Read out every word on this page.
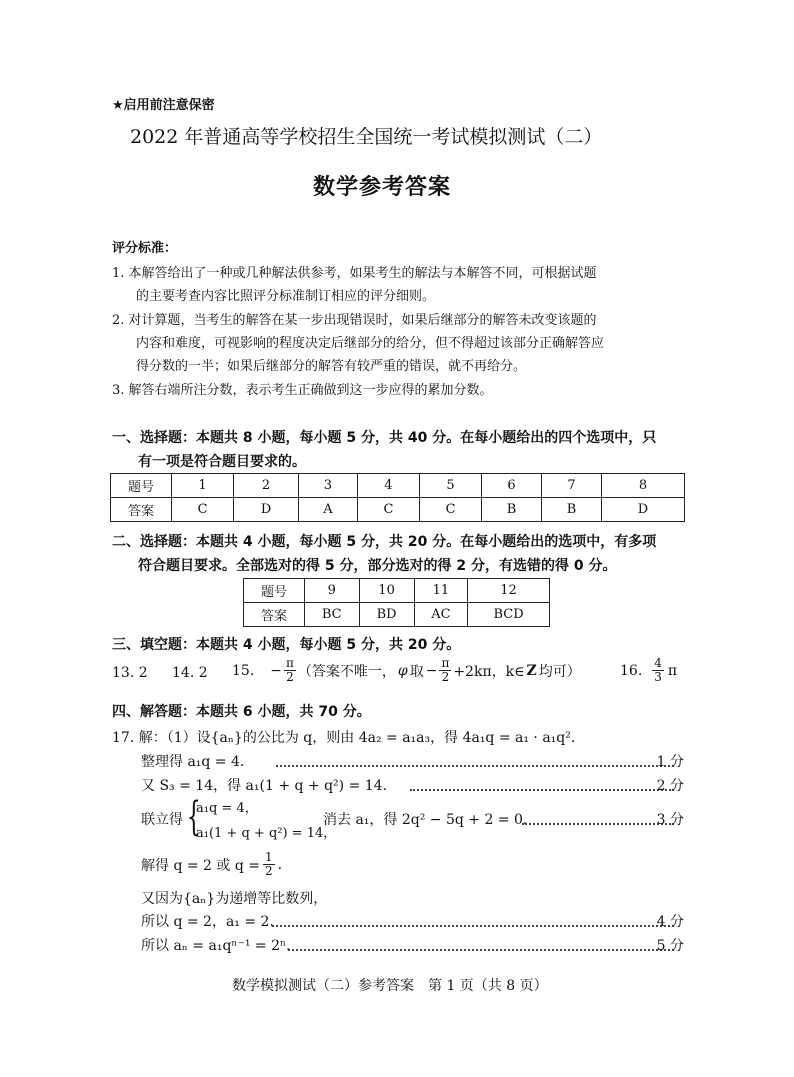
★启用前注意保密
2022 年普通高等学校招生全国统一考试模拟测试（二）
数学参考答案
评分标准：
1. 本解答给出了一种或几种解法供参考，如果考生的解法与本解答不同，可根据试题
的主要考查内容比照评分标准制订相应的评分细则。
2. 对计算题，当考生的解答在某一步出现错误时，如果后继部分的解答未改变该题的
内容和难度，可视影响的程度决定后继部分的给分，但不得超过该部分正确解答应
得分数的一半；如果后继部分的解答有较严重的错误，就不再给分。
3. 解答右端所注分数，表示考生正确做到这一步应得的累加分数。
一、选择题：本题共 8 小题，每小题 5 分，共 40 分。在每小题给出的四个选项中，只
有一项是符合题目要求的。
题号	1	2	3	4	5	6	7	8
答案	C	D	A	C	C	B	B	D
二、选择题：本题共 4 小题，每小题 5 分，共 20 分。在每小题给出的选项中，有多项
符合题目要求。全部选对的得 5 分，部分选对的得 2 分，有选错的得 0 分。
题号	9	10	11	12
答案	BC	BD	AC	BCD
三、填空题：本题共 4 小题，每小题 5 分，共 20 分。
13. 2 14. 2 15. − $\frac{\pi}{2}$ （答案不唯一， φ 取 − $\frac{\pi}{2} +2k\pi$，k∈ Z 均可）	16. $\frac{4}{3}$ π
四、解答题：本题共 6 小题，共 70 分。
17. 解：（1）设{aₙ}的公比为 q，则由 4a₂ = a₁a₃，得 4a₁q = a₁ · a₁q².
整理得 a₁q = 4.	1 分
又 S₃ = 14，得 a₁(1 + q + q²) = 14.	2 分
联立得 {
a₁q = 4，
a₁(1 + q + q²) = 14，
消去 a₁，得 2q² − 5q + 2 = 0.	3 分
解得 q = 2 或 $q = \frac{1}{2}$ .
又因为{aₙ}为递增等比数列，
所以 q = 2，a₁ = 2.	4 分
所以 aₙ = a₁qⁿ⁻¹ = 2ⁿ.	5 分
数学模拟测试（二）参考答案　第 1 页（共 8 页）
